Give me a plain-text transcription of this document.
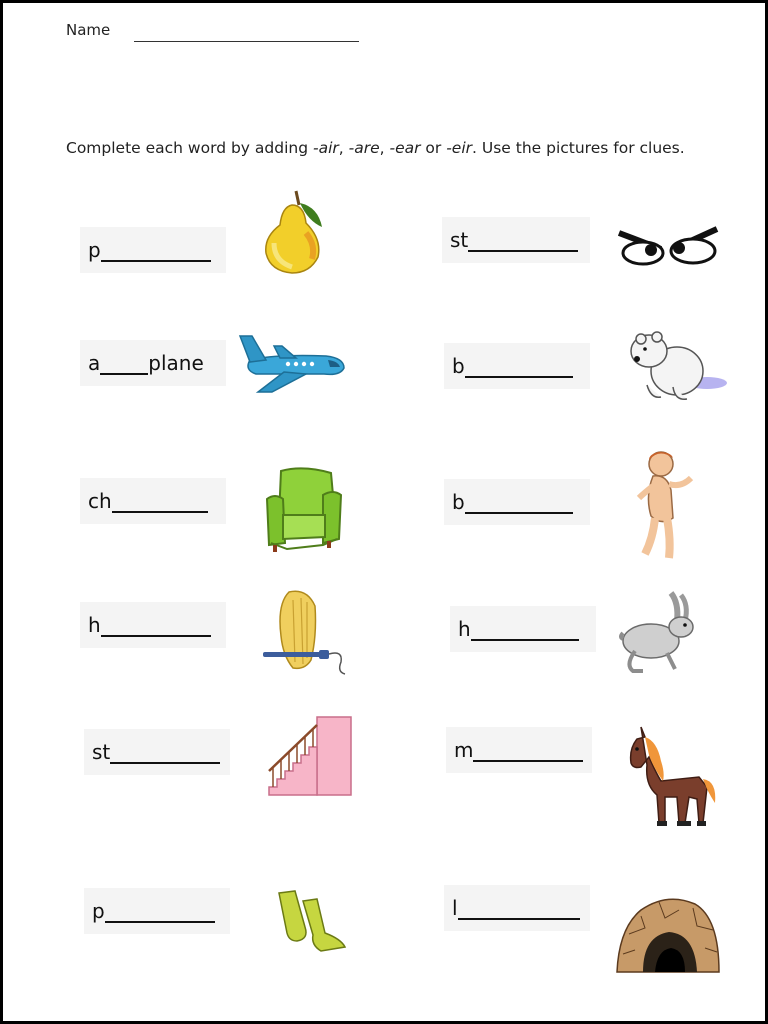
Name
Complete each word by adding -air, -are, -ear or -eir. Use the pictures for clues.
p	st
a plane	b
ch	b
h	h
st	m
p	l
